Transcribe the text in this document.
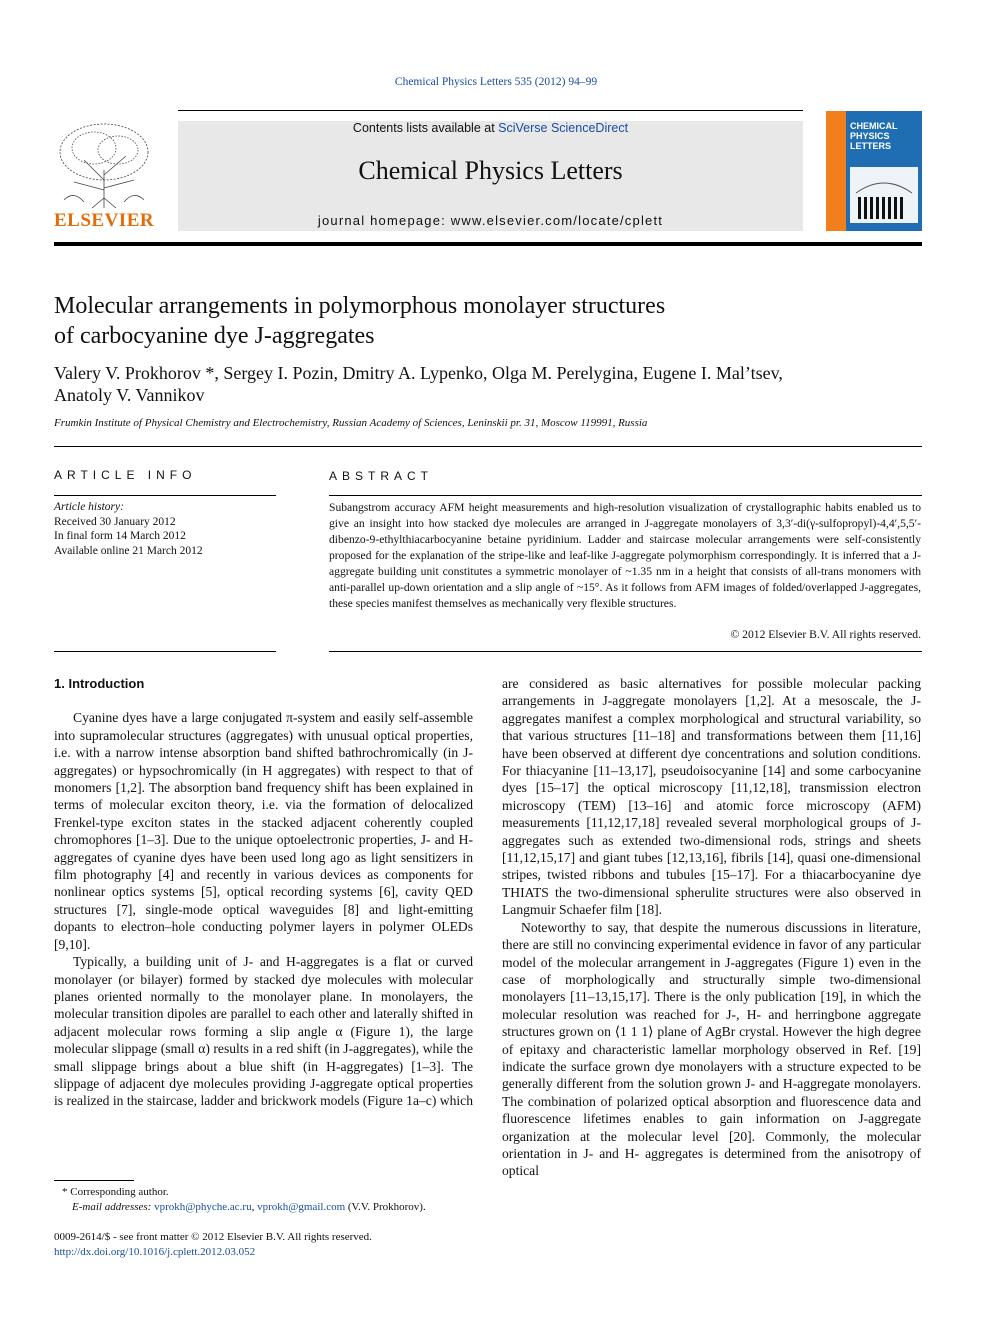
Chemical Physics Letters 535 (2012) 94–99
ELSEVIER
Contents lists available at SciVerse ScienceDirect
Chemical Physics Letters
journal homepage: www.elsevier.com/locate/cplett
CHEMICAL PHYSICS LETTERS
Molecular arrangements in polymorphous monolayer structures
of carbocyanine dye J-aggregates
Valery V. Prokhorov *, Sergey I. Pozin, Dmitry A. Lypenko, Olga M. Perelygina, Eugene I. Mal’tsev,
Anatoly V. Vannikov
Frumkin Institute of Physical Chemistry and Electrochemistry, Russian Academy of Sciences, Leninskii pr. 31, Moscow 119991, Russia
ARTICLE INFO
Article history:
Received 30 January 2012
In final form 14 March 2012
Available online 21 March 2012
ABSTRACT
Subangstrom accuracy AFM height measurements and high-resolution visualization of crystallographic habits enabled us to give an insight into how stacked dye molecules are arranged in J-aggregate monolayers of 3,3′-di(γ-sulfopropyl)-4,4′,5,5′-dibenzo-9-ethylthiacarbocyanine betaine pyridinium. Ladder and staircase molecular arrangements were self-consistently proposed for the explanation of the stripe-like and leaf-like J-aggregate polymorphism correspondingly. It is inferred that a J-aggregate building unit constitutes a symmetric monolayer of ~1.35 nm in a height that consists of all-trans monomers with anti-parallel up-down orientation and a slip angle of ~15°. As it follows from AFM images of folded/overlapped J-aggregates, these species manifest themselves as mechanically very flexible structures.
© 2012 Elsevier B.V. All rights reserved.
1. Introduction

Cyanine dyes have a large conjugated π-system and easily self-assemble into supramolecular structures (aggregates) with unusual optical properties, i.e. with a narrow intense absorption band shifted bathrochromically (in J-aggregates) or hypsochromically (in H aggregates) with respect to that of monomers [1,2]. The absorption band frequency shift has been explained in terms of molecular exciton theory, i.e. via the formation of delocalized Frenkel-type exciton states in the stacked adjacent coherently coupled chromophores [1–3]. Due to the unique optoelectronic properties, J- and H-aggregates of cyanine dyes have been used long ago as light sensitizers in film photography [4] and recently in various devices as components for nonlinear optics systems [5], optical recording systems [6], cavity QED structures [7], single-mode optical waveguides [8] and light-emitting dopants to electron–hole conducting polymer layers in polymer OLEDs [9,10].

Typically, a building unit of J- and H-aggregates is a flat or curved monolayer (or bilayer) formed by stacked dye molecules with molecular planes oriented normally to the monolayer plane. In monolayers, the molecular transition dipoles are parallel to each other and laterally shifted in adjacent molecular rows forming a slip angle α (Figure 1), the large molecular slippage (small α) results in a red shift (in J-aggregates), while the small slippage brings about a blue shift (in H-aggregates) [1–3]. The slippage of adjacent dye molecules providing J-aggregate optical properties is realized in the staircase, ladder and brickwork models (Figure 1a–c) which

are considered as basic alternatives for possible molecular packing arrangements in J-aggregate monolayers [1,2]. At a mesoscale, the J-aggregates manifest a complex morphological and structural variability, so that various structures [11–18] and transformations between them [11,16] have been observed at different dye concentrations and solution conditions. For thiacyanine [11–13,17], pseudoisocyanine [14] and some carbocyanine dyes [15–17] the optical microscopy [11,12,18], transmission electron microscopy (TEM) [13–16] and atomic force microscopy (AFM) measurements [11,12,17,18] revealed several morphological groups of J-aggregates such as extended two-dimensional rods, strings and sheets [11,12,15,17] and giant tubes [12,13,16], fibrils [14], quasi one-dimensional stripes, twisted ribbons and tubules [15–17]. For a thiacarbocyanine dye THIATS the two-dimensional spherulite structures were also observed in Langmuir Schaefer film [18].

Noteworthy to say, that despite the numerous discussions in literature, there are still no convincing experimental evidence in favor of any particular model of the molecular arrangement in J-aggregates (Figure 1) even in the case of morphologically and structurally simple two-dimensional monolayers [11–13,15,17]. There is the only publication [19], in which the molecular resolution was reached for J-, H- and herringbone aggregate structures grown on ⟨1 1 1⟩ plane of AgBr crystal. However the high degree of epitaxy and characteristic lamellar morphology observed in Ref. [19] indicate the surface grown dye monolayers with a structure expected to be generally different from the solution grown J- and H-aggregate monolayers. The combination of polarized optical absorption and fluorescence data and fluorescence lifetimes enables to gain information on J-aggregate organization at the molecular level [20]. Commonly, the molecular orientation in J- and H- aggregates is determined from the anisotropy of optical

* Corresponding author.
E-mail addresses: vprokh@phyche.ac.ru, vprokh@gmail.com (V.V. Prokhorov).
0009-2614/$ - see front matter © 2012 Elsevier B.V. All rights reserved.
http://dx.doi.org/10.1016/j.cplett.2012.03.052
